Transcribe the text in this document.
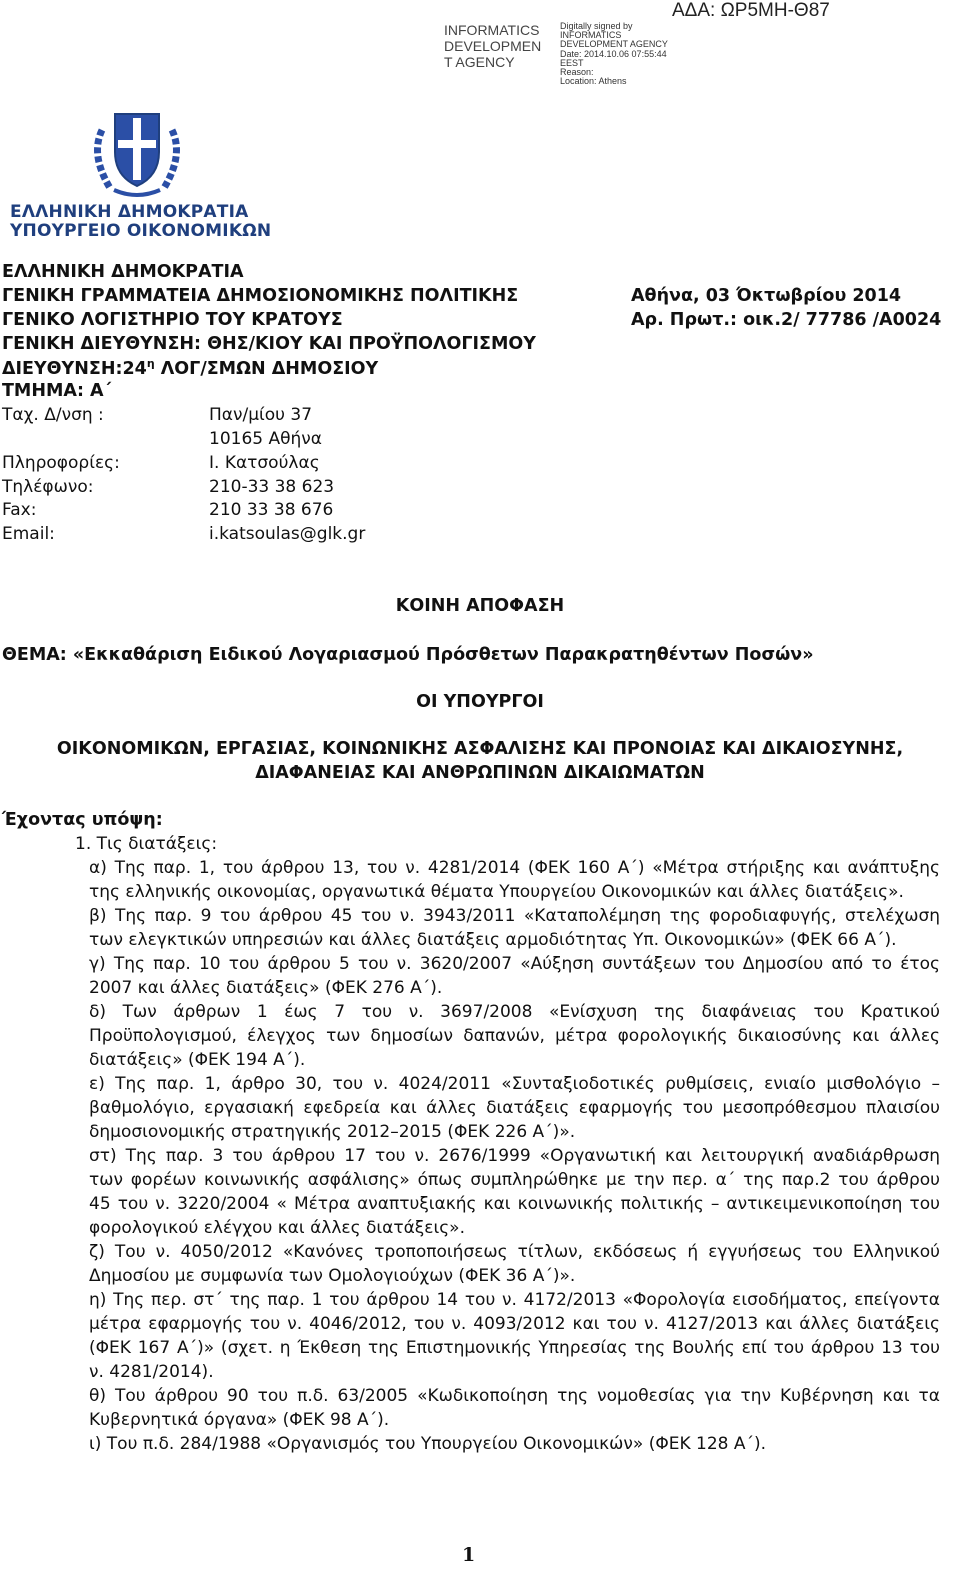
ΑΔΑ: ΩΡ5ΜΗ-Θ87
INFORMATICS
DEVELOPMEN
T AGENCY
Digitally signed by
INFORMATICS
DEVELOPMENT AGENCY
Date: 2014.10.06 07:55:44
EEST
Reason:
Location: Athens
ΕΛΛΗΝΙΚΗ ΔΗΜΟΚΡΑΤΙΑ
ΥΠΟΥΡΓΕΙΟ ΟΙΚΟΝΟΜΙΚΩΝ
ΕΛΛΗΝΙΚΗ ΔΗΜΟΚΡΑΤΙΑ
ΓΕΝΙΚΗ ΓΡΑΜΜΑΤΕΙΑ ΔΗΜΟΣΙΟΝΟΜΙΚΗΣ ΠΟΛΙΤΙΚΗΣ
ΓΕΝΙΚΟ ΛΟΓΙΣΤΗΡΙΟ ΤΟΥ ΚΡΑΤΟΥΣ
ΓΕΝΙΚΗ ΔΙΕΥΘΥΝΣΗ: ΘΗΣ/ΚΙΟΥ ΚΑΙ ΠΡΟΫΠΟΛΟΓΙΣΜΟΥ
$\Delta IE\Upsilon\Theta\Upsilon N\Sigma H:24^\eta$ ΛΟΓ/ΣΜΩΝ ΔΗΜΟΣΙΟΥ
ΤΜΗΜΑ: Α΄
Αθήνα, 03 Όκτωβρίου 2014
Αρ. Πρωτ.: οικ.2/ 77786 /Α0024
Ταχ. Δ/νση :	Παν/μίου 37
10165 Αθήνα
Πληροφορίες:	Ι. Κατσούλας
Τηλέφωνο:	210-33 38 623
Fax:	210 33 38 676
Email:	i.katsoulas@glk.gr
ΚΟΙΝΗ ΑΠΟΦΑΣΗ
ΘΕΜΑ: «Εκκαθάριση Ειδικού Λογαριασμού Πρόσθετων Παρακρατηθέντων Ποσών»
ΟΙ ΥΠΟΥΡΓΟΙ
ΟΙΚΟΝΟΜΙΚΩΝ, ΕΡΓΑΣΙΑΣ, ΚΟΙΝΩΝΙΚΗΣ ΑΣΦΑΛΙΣΗΣ ΚΑΙ ΠΡΟΝΟΙΑΣ ΚΑΙ ΔΙΚΑΙΟΣΥΝΗΣ,
ΔΙΑΦΑΝΕΙΑΣ ΚΑΙ ΑΝΘΡΩΠΙΝΩΝ ΔΙΚΑΙΩΜΑΤΩΝ
Έχοντας υπόψη:
1. Τις διατάξεις:
α) Της παρ. 1, του άρθρου 13, του ν. 4281/2014 (ΦΕΚ 160 Α΄) «Μέτρα στήριξης και ανάπτυξης
της ελληνικής οικονομίας, οργανωτικά θέματα Υπουργείου Οικονομικών και άλλες διατάξεις».
β) Της παρ. 9 του άρθρου 45 του ν. 3943/2011 «Καταπολέμηση της φοροδιαφυγής, στελέχωση
των ελεγκτικών υπηρεσιών και άλλες διατάξεις αρμοδιότητας Υπ. Οικονομικών» (ΦΕΚ 66 Α΄).
γ) Της παρ. 10 του άρθρου 5 του ν. 3620/2007 «Αύξηση συντάξεων του Δημοσίου από το έτος
2007 και άλλες διατάξεις» (ΦΕΚ 276 Α΄).
δ) Των άρθρων 1 έως 7 του ν. 3697/2008 «Ενίσχυση της διαφάνειας του Κρατικού
Προϋπολογισμού, έλεγχος των δημοσίων δαπανών, μέτρα φορολογικής δικαιοσύνης και άλλες
διατάξεις» (ΦΕΚ 194 Α΄).
ε) Της παρ. 1, άρθρο 30, του ν. 4024/2011 «Συνταξιοδοτικές ρυθμίσεις, ενιαίο μισθολόγιο –
βαθμολόγιο, εργασιακή εφεδρεία και άλλες διατάξεις εφαρμογής του μεσοπρόθεσμου πλαισίου
δημοσιονομικής στρατηγικής 2012–2015 (ΦΕΚ 226 Α΄)».
στ) Της παρ. 3 του άρθρου 17 του ν. 2676/1999 «Οργανωτική και λειτουργική αναδιάρθρωση
των φορέων κοινωνικής ασφάλισης» όπως συμπληρώθηκε με την περ. α΄ της παρ.2 του άρθρου
45 του ν. 3220/2004 « Μέτρα αναπτυξιακής και κοινωνικής πολιτικής – αντικειμενικοποίηση του
φορολογικού ελέγχου και άλλες διατάξεις».
ζ) Του ν. 4050/2012 «Κανόνες τροποποιήσεως τίτλων, εκδόσεως ή εγγυήσεως του Ελληνικού
Δημοσίου με συμφωνία των Ομολογιούχων (ΦΕΚ 36 Α΄)».
η) Της περ. στ΄ της παρ. 1 του άρθρου 14 του ν. 4172/2013 «Φορολογία εισοδήματος, επείγοντα
μέτρα εφαρμογής του ν. 4046/2012, του ν. 4093/2012 και του ν. 4127/2013 και άλλες διατάξεις
(ΦΕΚ 167 Α΄)» (σχετ. η Έκθεση της Επιστημονικής Υπηρεσίας της Βουλής επί του άρθρου 13 του
ν. 4281/2014).
θ) Του άρθρου 90 του π.δ. 63/2005 «Κωδικοποίηση της νομοθεσίας για την Κυβέρνηση και τα
Κυβερνητικά όργανα» (ΦΕΚ 98 Α΄).
ι) Του π.δ. 284/1988 «Οργανισμός του Υπουργείου Οικονομικών» (ΦΕΚ 128 Α΄).
1
